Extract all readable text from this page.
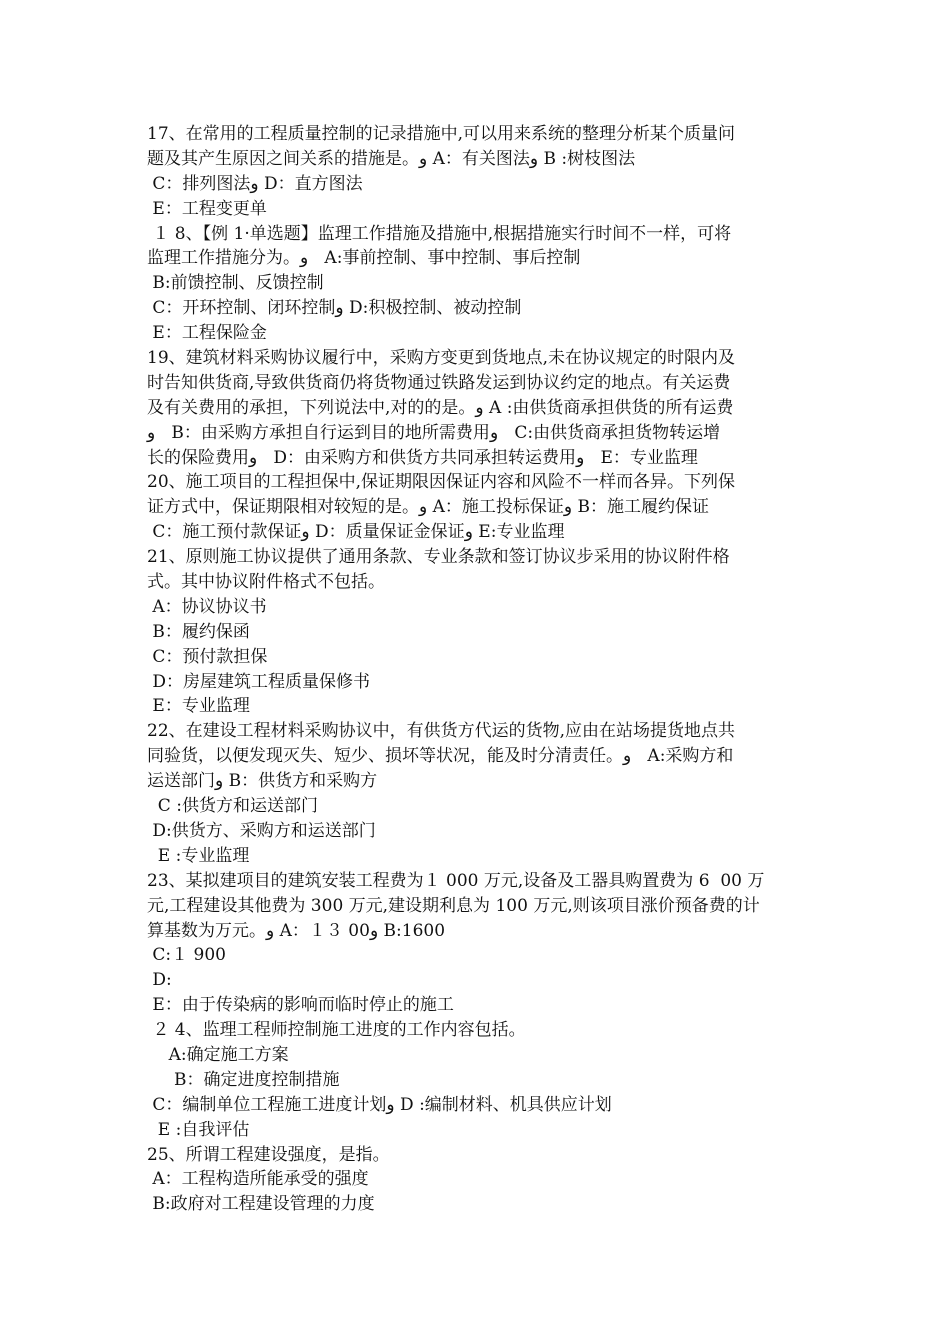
17、在常用的工程质量控制的记录措施中,可以用来系统的整理分析某个质量问
题及其产生原因之间关系的措施是。و A：有关图法و B :树枝图法
C：排列图法و D：直方图法
E：工程变更单
１ 8、【例 1·单选题】监理工作措施及措施中,根据措施实行时间不一样，可将
监理工作措施分为。و   A:事前控制、事中控制、事后控制
B:前馈控制、反馈控制
C：开环控制、闭环控制و D:积极控制、被动控制
E：工程保险金
19、建筑材料采购协议履行中，采购方变更到货地点,未在协议规定的时限内及
时告知供货商,导致供货商仍将货物通过铁路发运到协议约定的地点。有关运费
及有关费用的承担，下列说法中,对的的是。و A :由供货商承担供货的所有运费
و   B：由采购方承担自行运到目的地所需费用و   C:由供货商承担货物转运增
长的保险费用و   D：由采购方和供货方共同承担转运费用و   E：专业监理
20、施工项目的工程担保中,保证期限因保证内容和风险不一样而各异。下列保
证方式中，保证期限相对较短的是。و A：施工投标保证و B：施工履约保证
C：施工预付款保证و D：质量保证金保证و E:专业监理
21、原则施工协议提供了通用条款、专业条款和签订协议步采用的协议附件格
式。其中协议附件格式不包括。
A：协议协议书
B：履约保函
C：预付款担保
D：房屋建筑工程质量保修书
E：专业监理
22、在建设工程材料采购协议中，有供货方代运的货物,应由在站场提货地点共
同验货，以便发现灭失、短少、损坏等状况，能及时分清责任。و   A:采购方和
运送部门و B：供货方和采购方
C :供货方和运送部门
D:供货方、采购方和运送部门
E :专业监理
23、某拟建项目的建筑安装工程费为１ 000 万元,设备及工器具购置费为 6  00 万
元,工程建设其他费为 300 万元,建设期利息为 100 万元,则该项目涨价预备费的计
算基数为万元。و A：１３ 00و B:1600
C:１ 900
D:
E：由于传染病的影响而临时停止的施工
２ 4、监理工程师控制施工进度的工作内容包括。
A:确定施工方案
B：确定进度控制措施
C：编制单位工程施工进度计划و D :编制材料、机具供应计划
E :自我评估
25、所谓工程建设强度，是指。
A：工程构造所能承受的强度
B:政府对工程建设管理的力度
